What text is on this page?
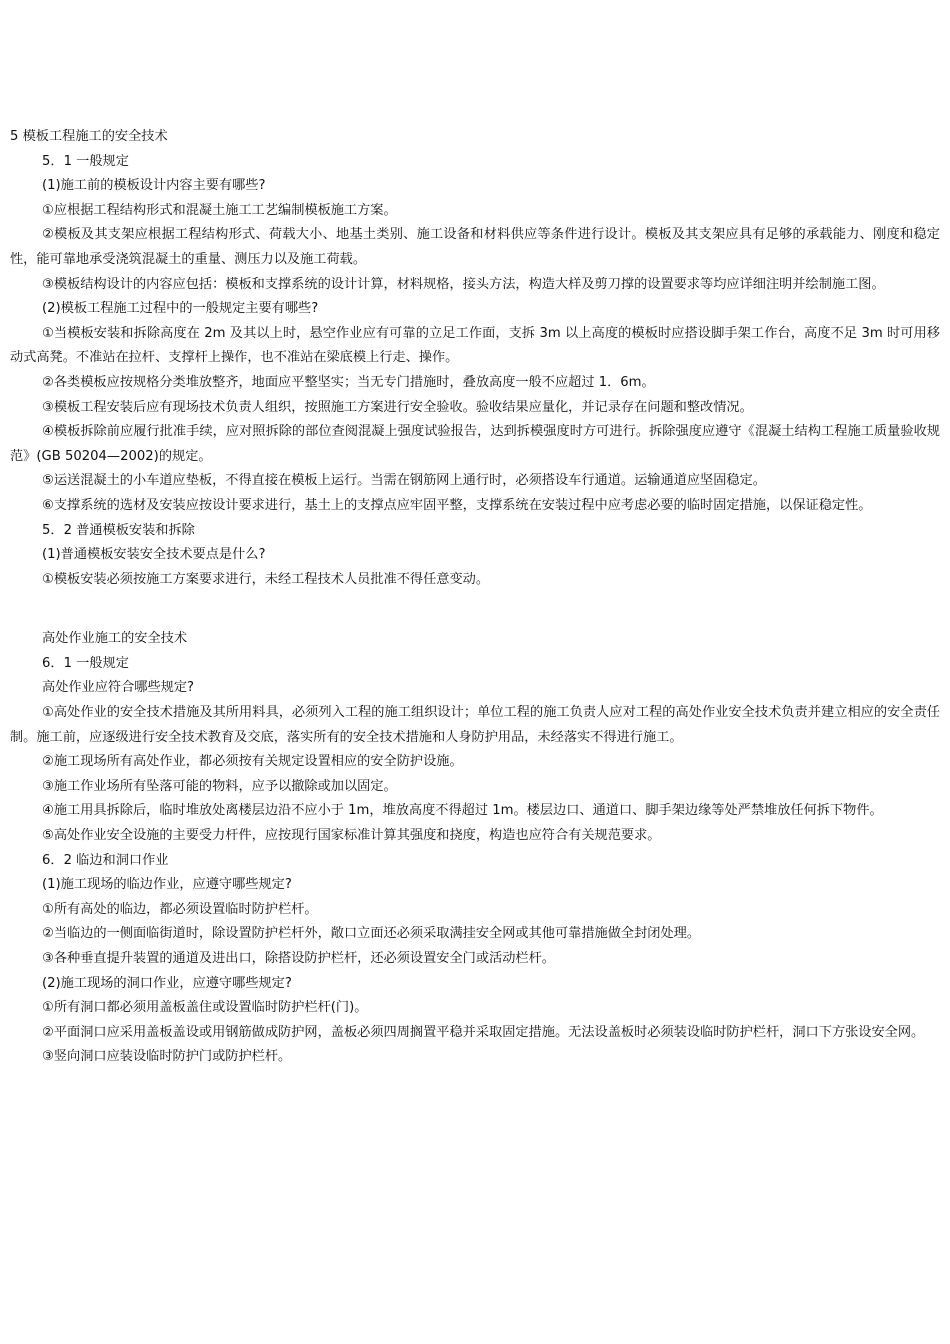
5 模板工程施工的安全技术

5．1 一般规定

(1)施工前的模板设计内容主要有哪些?

①应根据工程结构形式和混凝土施工工艺编制模板施工方案。

②模板及其支架应根据工程结构形式、荷载大小、地基土类别、施工设备和材料供应等条件进行设计。模板及其支架应具有足够的承载能力、刚度和稳定性，能可靠地承受浇筑混凝土的重量、测压力以及施工荷载。

③模板结构设计的内容应包括：模板和支撑系统的设计计算，材料规格，接头方法，构造大样及剪刀撑的设置要求等均应详细注明并绘制施工图。

(2)模板工程施工过程中的一般规定主要有哪些?

①当模板安装和拆除高度在 2m 及其以上时，悬空作业应有可靠的立足工作面，支拆 3m 以上高度的模板时应搭设脚手架工作台，高度不足 3m 时可用移动式高凳。不准站在拉杆、支撑杆上操作，也不准站在梁底模上行走、操作。

②各类模板应按规格分类堆放整齐，地面应平整坚实；当无专门措施时，叠放高度一般不应超过 1．6m。

③模板工程安装后应有现场技术负责人组织，按照施工方案进行安全验收。验收结果应量化，并记录存在问题和整改情况。

④模板拆除前应履行批准手续，应对照拆除的部位查阅混凝上强度试验报告，达到拆模强度时方可进行。拆除强度应遵守《混凝土结构工程施工质量验收规范》(GB 50204—2002)的规定。

⑤运送混凝土的小车道应垫板，不得直接在模板上运行。当需在钢筋网上通行时，必须搭设车行通道。运输通道应坚固稳定。

⑥支撑系统的选材及安装应按设计要求进行，基土上的支撑点应牢固平整，支撑系统在安装过程中应考虑必要的临时固定措施，以保证稳定性。

5．2 普通模板安装和拆除

(1)普通模板安装安全技术要点是什么?

①模板安装必须按施工方案要求进行，未经工程技术人员批准不得任意变动。

高处作业施工的安全技术

6．1 一般规定

高处作业应符合哪些规定?

①高处作业的安全技术措施及其所用料具，必须列入工程的施工组织设计；单位工程的施工负责人应对工程的高处作业安全技术负责并建立相应的安全责任制。施工前，应逐级进行安全技术教育及交底，落实所有的安全技术措施和人身防护用品，未经落实不得进行施工。

②施工现场所有高处作业，都必须按有关规定设置相应的安全防护设施。

③施工作业场所有坠落可能的物料，应予以撤除或加以固定。

④施工用具拆除后，临时堆放处离楼层边沿不应小于 1m，堆放高度不得超过 1m。楼层边口、通道口、脚手架边缘等处严禁堆放任何拆下物件。

⑤高处作业安全设施的主要受力杆件，应按现行国家标准计算其强度和挠度，构造也应符合有关规范要求。

6．2 临边和洞口作业

(1)施工现场的临边作业，应遵守哪些规定?

①所有高处的临边，都必须设置临时防护栏杆。

②当临边的一侧面临街道时，除设置防护栏杆外，敞口立面还必须采取满挂安全网或其他可靠措施做全封闭处理。

③各种垂直提升装置的通道及进出口，除搭设防护栏杆，还必须设置安全门或活动栏杆。

(2)施工现场的洞口作业，应遵守哪些规定?

①所有洞口都必须用盖板盖住或设置临时防护栏杆(门)。

②平面洞口应采用盖板盖设或用钢筋做成防护网，盖板必须四周搁置平稳并采取固定措施。无法设盖板时必须装设临时防护栏杆，洞口下方张设安全网。

③竖向洞口应装设临时防护门或防护栏杆。
